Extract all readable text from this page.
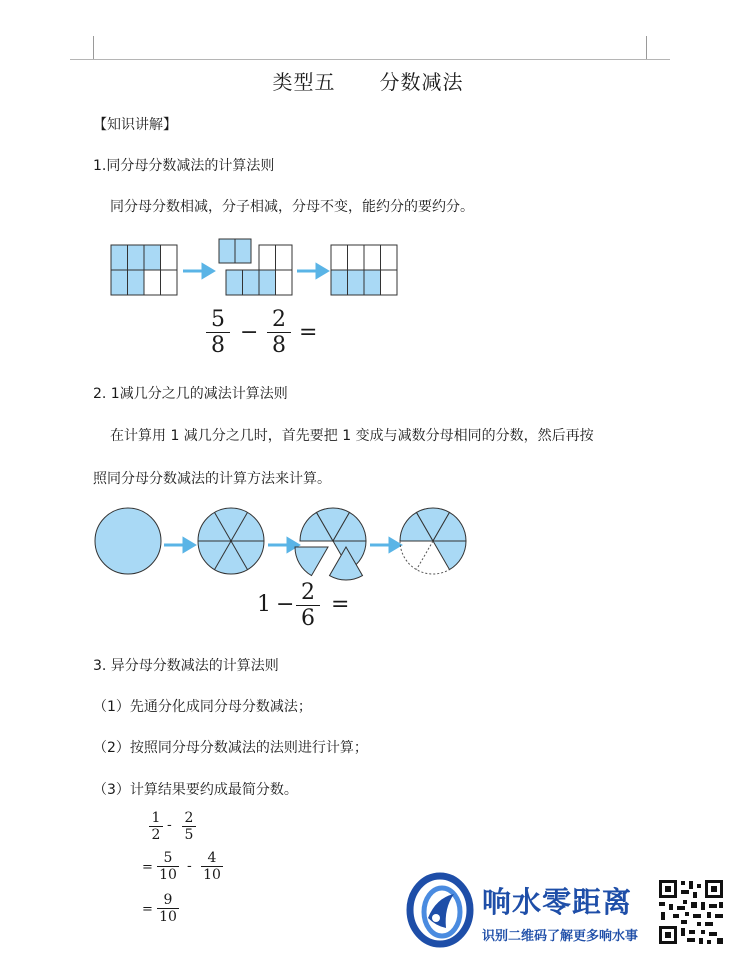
类型五 分数减法
【知识讲解】
1.同分母分数减法的计算法则
同分母分数相减，分子相减，分母不变，能约分的要约分。
5
8
−
2
8
=
2. 1减几分之几的减法计算法则
在计算用 1 减几分之几时，首先要把 1 变成与减数分母相同的分数，然后再按
照同分母分数减法的计算方法来计算。
1 − 2
6
=
3. 异分母分数减法的计算法则
（1）先通分化成同分母分数减法；
（2）按照同分母分数减法的法则进行计算；
（3）计算结果要约成最简分数。
1
2
- 2
5
=
5
10
-	4
10
=
9
10	响水零距离
识别二维码了解更多响水事
